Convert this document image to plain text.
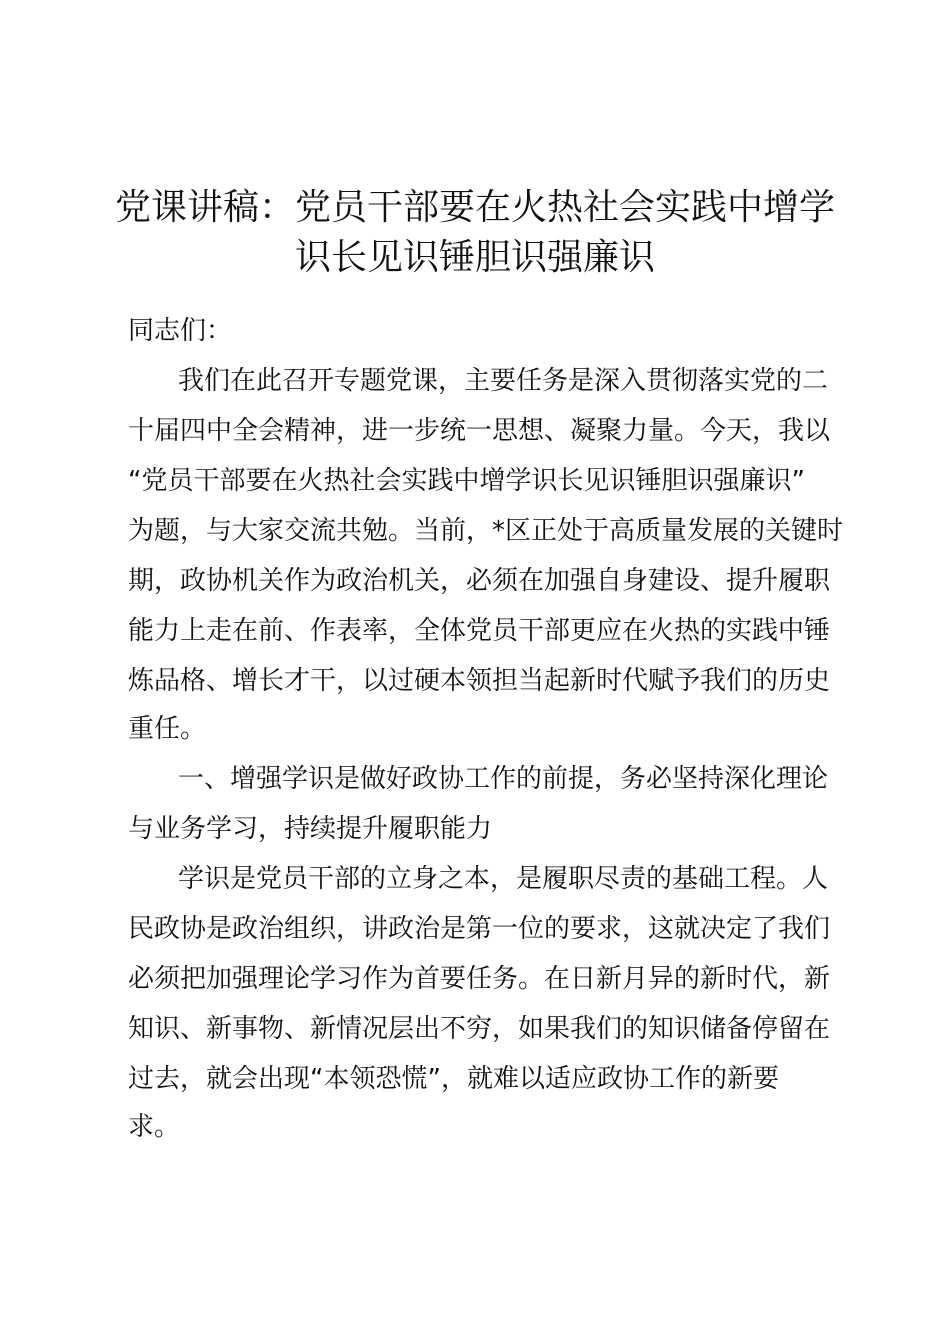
党课讲稿：党员干部要在火热社会实践中增学
识长见识锤胆识强廉识
同志们：
我们在此召开专题党课，主要任务是深入贯彻落实党的二
十届四中全会精神，进一步统一思想、凝聚力量。今天，我以
“党员干部要在火热社会实践中增学识长见识锤胆识强廉识”
为题，与大家交流共勉。当前，*区正处于高质量发展的关键时
期，政协机关作为政治机关，必须在加强自身建设、提升履职
能力上走在前、作表率，全体党员干部更应在火热的实践中锤
炼品格、增长才干，以过硬本领担当起新时代赋予我们的历史
重任。
一、增强学识是做好政协工作的前提，务必坚持深化理论
与业务学习，持续提升履职能力
学识是党员干部的立身之本，是履职尽责的基础工程。人
民政协是政治组织，讲政治是第一位的要求，这就决定了我们
必须把加强理论学习作为首要任务。在日新月异的新时代，新
知识、新事物、新情况层出不穷，如果我们的知识储备停留在
过去，就会出现“本领恐慌”，就难以适应政协工作的新要
求。
